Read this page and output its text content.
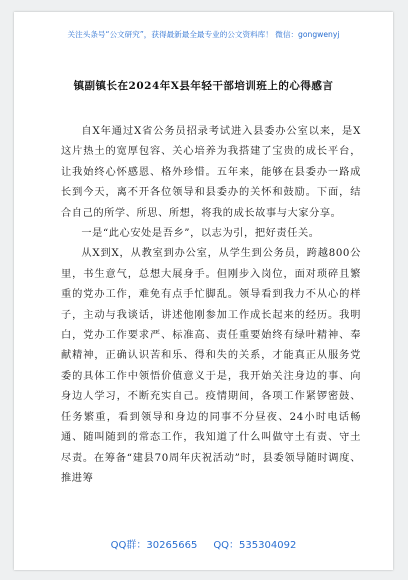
关注头条号“公文研究”，获得最新最全最专业的公文资料库！ 微信：gongwenyj
镇副镇长在2024年X县年轻干部培训班上的心得感言

自X年通过X省公务员招录考试进入县委办公室以来，是X这片热土的宽厚包容、关心培养为我搭建了宝贵的成长平台，让我始终心怀感恩、格外珍惜。五年来，能够在县委办一路成长到今天，离不开各位领导和县委办的关怀和鼓励。下面，结合自己的所学、所思、所想，将我的成长故事与大家分享。

一是“此心安处是吾乡”，以志为引，把好责任关。

从X到X，从教室到办公室，从学生到公务员，跨越800公里，书生意气，总想大展身手。但刚步入岗位，面对琐碎且繁重的党办工作，难免有点手忙脚乱。领导看到我力不从心的样子，主动与我谈话，讲述他刚参加工作成长起来的经历。我明白，党办工作要求严、标准高、责任重要始终有绿叶精神、奉献精神，正确认识苦和乐、得和失的关系，才能真正从服务党委的具体工作中领悟价值意义于是，我开始关注身边的事、向身边人学习，不断充实自己。疫情期间，各项工作紧锣密鼓、任务繁重，看到领导和身边的同事不分昼夜、24小时电话畅通、随叫随到的常态工作，我知道了什么叫做守土有责、守土尽责。在筹备“建县70周年庆祝活动”时，县委领导随时调度、推进筹

QQ群：30265665 QQ：535304092
